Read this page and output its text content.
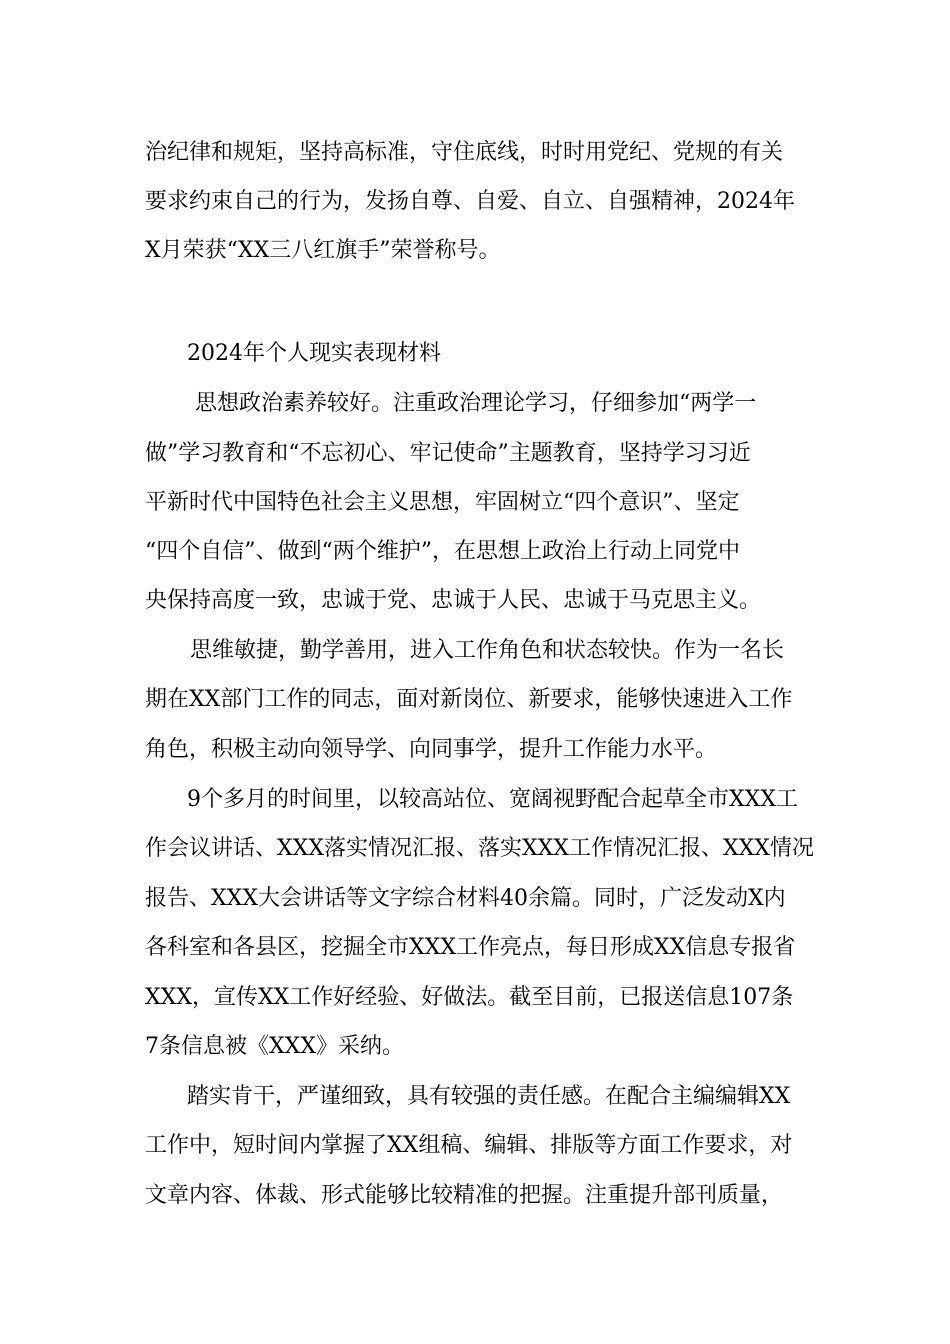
治纪律和规矩，坚持高标准，守住底线，时时用党纪、党规的有关
要求约束自己的行为，发扬自尊、自爱、自立、自强精神，2024年
X月荣获“XX三八红旗手”荣誉称号。
2024年个人现实表现材料
思想政治素养较好。注重政治理论学习，仔细参加“两学一
做”学习教育和“不忘初心、牢记使命”主题教育，坚持学习习近
平新时代中国特色社会主义思想，牢固树立“四个意识”、坚定
“四个自信”、做到“两个维护”，在思想上政治上行动上同党中
央保持高度一致，忠诚于党、忠诚于人民、忠诚于马克思主义。
思维敏捷，勤学善用，进入工作角色和状态较快。作为一名长
期在XX部门工作的同志，面对新岗位、新要求，能够快速进入工作
角色，积极主动向领导学、向同事学，提升工作能力水平。
9个多月的时间里，以较高站位、宽阔视野配合起草全市XXX工
作会议讲话、XXX落实情况汇报、落实XXX工作情况汇报、XXX情况
报告、XXX大会讲话等文字综合材料40余篇。同时，广泛发动X内
各科室和各县区，挖掘全市XXX工作亮点，每日形成XX信息专报省
XXX，宣传XX工作好经验、好做法。截至目前，已报送信息107条
7条信息被《XXX》采纳。
踏实肯干，严谨细致，具有较强的责任感。在配合主编编辑XX
工作中，短时间内掌握了XX组稿、编辑、排版等方面工作要求，对
文章内容、体裁、形式能够比较精准的把握。注重提升部刊质量，
